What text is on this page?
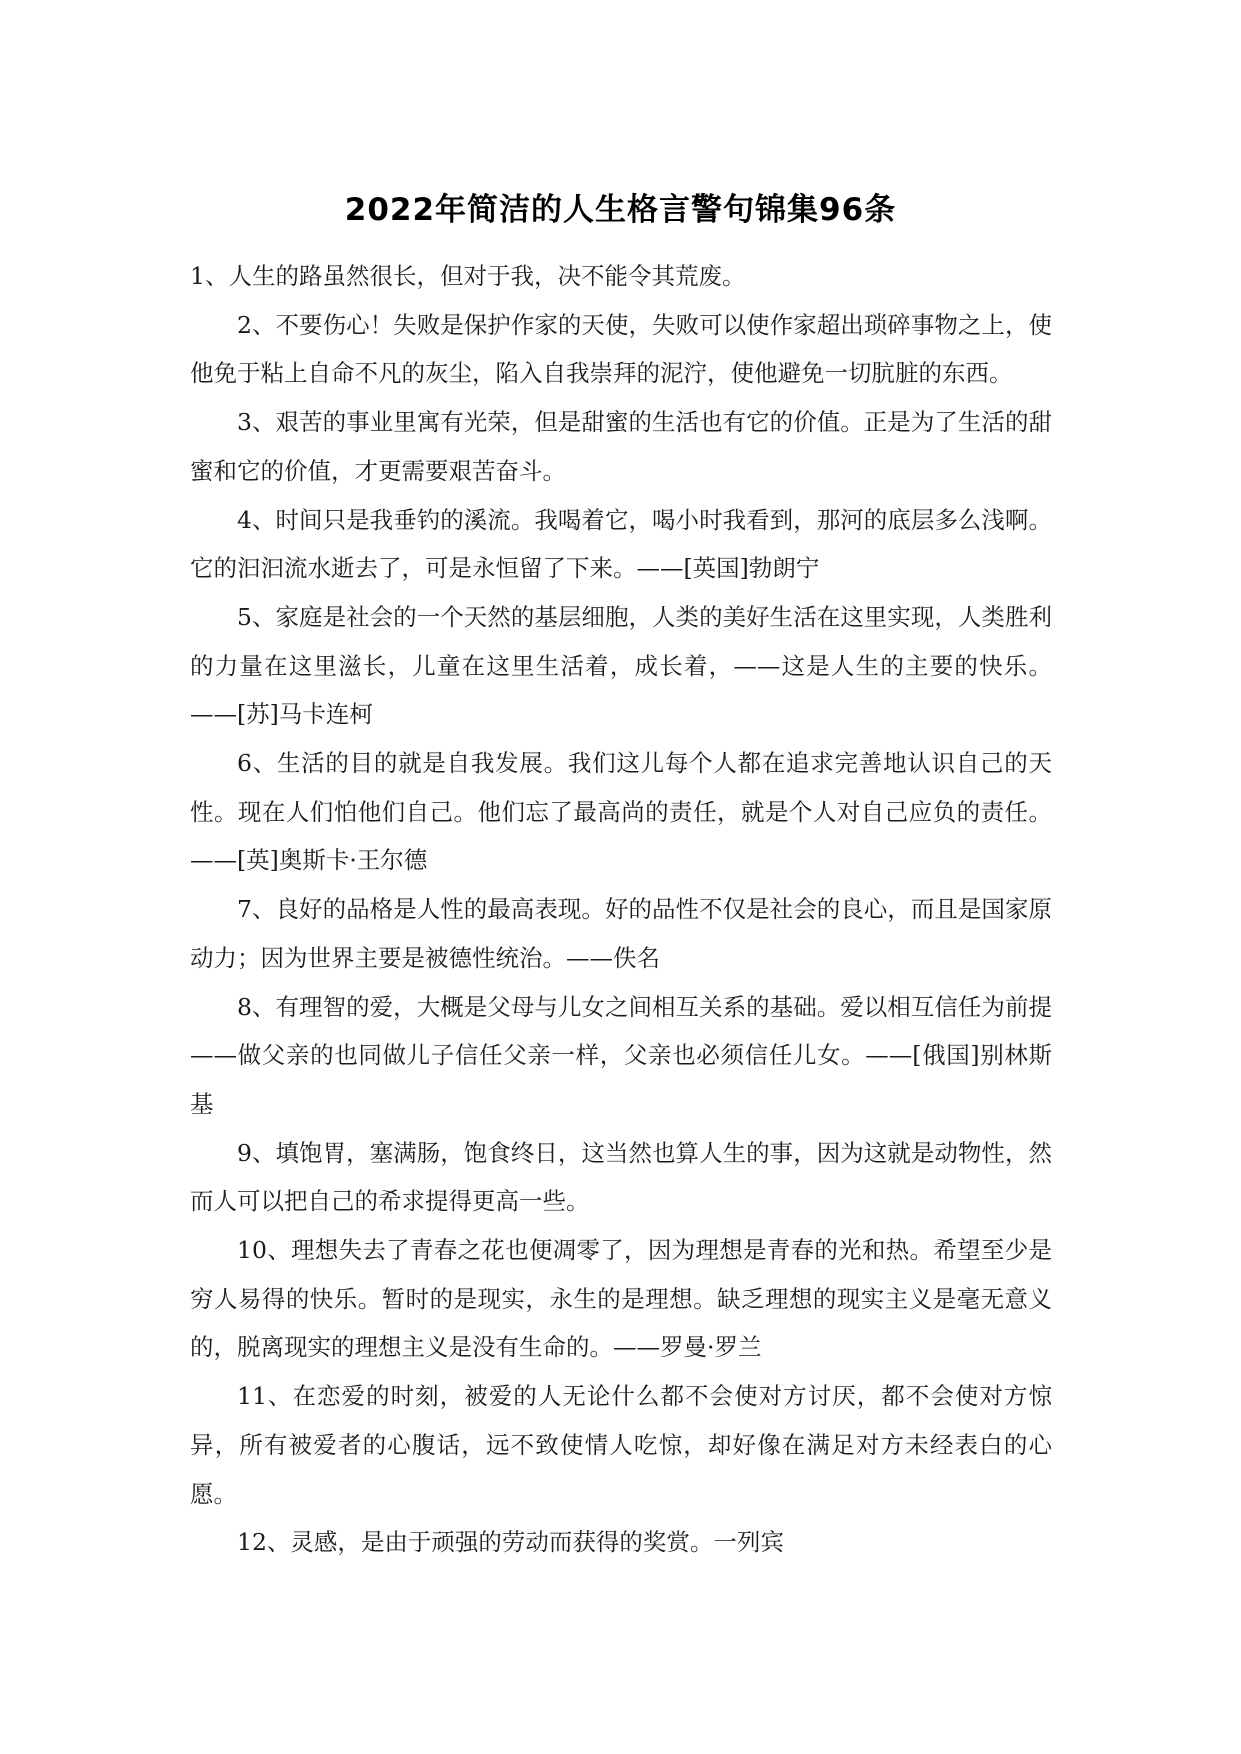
2022年简洁的人生格言警句锦集96条

1、人生的路虽然很长，但对于我，决不能令其荒废。

2、不要伤心！失败是保护作家的天使，失败可以使作家超出琐碎事物之上，使他免于粘上自命不凡的灰尘，陷入自我崇拜的泥泞，使他避免一切肮脏的东西。

3、艰苦的事业里寓有光荣，但是甜蜜的生活也有它的价值。正是为了生活的甜蜜和它的价值，才更需要艰苦奋斗。

4、时间只是我垂钓的溪流。我喝着它，喝小时我看到，那河的底层多么浅啊。它的汩汩流水逝去了，可是永恒留了下来。——[英国]勃朗宁

5、家庭是社会的一个天然的基层细胞，人类的美好生活在这里实现，人类胜利的力量在这里滋长，儿童在这里生活着，成长着，——这是人生的主要的快乐。——[苏]马卡连柯

6、生活的目的就是自我发展。我们这儿每个人都在追求完善地认识自己的天性。现在人们怕他们自己。他们忘了最高尚的责任，就是个人对自己应负的责任。——[英]奥斯卡·王尔德

7、良好的品格是人性的最高表现。好的品性不仅是社会的良心，而且是国家原动力；因为世界主要是被德性统治。——佚名

8、有理智的爱，大概是父母与儿女之间相互关系的基础。爱以相互信任为前提——做父亲的也同做儿子信任父亲一样，父亲也必须信任儿女。——[俄国]别林斯基

9、填饱胃，塞满肠，饱食终日，这当然也算人生的事，因为这就是动物性，然而人可以把自己的希求提得更高一些。

10、理想失去了青春之花也便凋零了，因为理想是青春的光和热。希望至少是穷人易得的快乐。暂时的是现实，永生的是理想。缺乏理想的现实主义是毫无意义的，脱离现实的理想主义是没有生命的。——罗曼·罗兰

11、在恋爱的时刻，被爱的人无论什么都不会使对方讨厌，都不会使对方惊异，所有被爱者的心腹话，远不致使情人吃惊，却好像在满足对方未经表白的心愿。

12、灵感，是由于顽强的劳动而获得的奖赏。一列宾
